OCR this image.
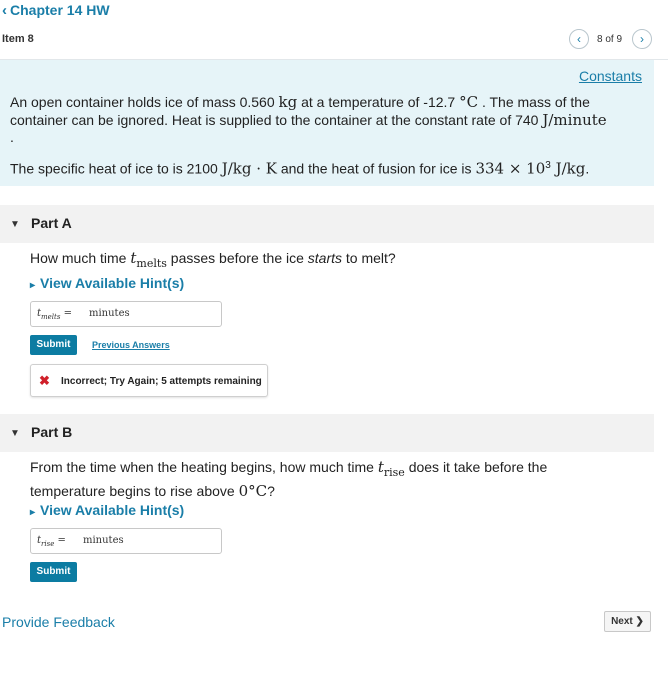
‹ Chapter 14 HW
Item 8	‹	8 of 9	›
Constants
An open container holds ice of mass 0.560 kg at a temperature of -12.7 °C . The mass of the
container can be ignored. Heat is supplied to the container at the constant rate of 740 J/minute
.
The specific heat of ice to is 2100 J/kg · K and the heat of fusion for ice is $334 \times 10^3$ J/kg.
▼ Part A
How much time $t_{melts}$ passes before the ice starts to melt?
▸ View Available Hint(s)
$t_{melts}$ = minutes
Submit	Previous Answers
✖ Incorrect; Try Again; 5 attempts remaining
▼ Part B
From the time when the heating begins, how much time $t_{rise}$ does it take before the
temperature begins to rise above 0°C?
▸ View Available Hint(s)
$t_{rise}$ = minutes
Submit
Provide Feedback	Next ❯
